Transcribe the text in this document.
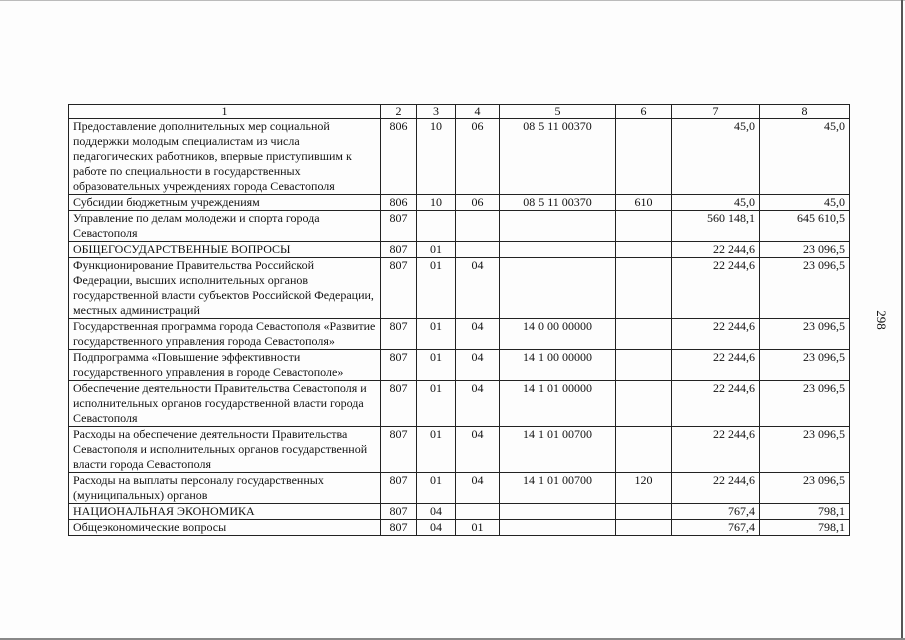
298
1	2	3	4	5	6	7	8
Предоставление дополнительных мер социальной поддержки молодым специалистам из числа педагогических работников, впервые приступившим к работе по специальности в государственных образовательных учреждениях города Севастополя	806	10	06	08 5 11 00370		45,0	45,0
Субсидии бюджетным учреждениям	806	10	06	08 5 11 00370	610	45,0	45,0
Управление по делам молодежи и спорта города Севастополя	807					560 148,1	645 610,5
ОБЩЕГОСУДАРСТВЕННЫЕ ВОПРОСЫ	807	01				22 244,6	23 096,5
Функционирование Правительства Российской Федерации, высших исполнительных органов государственной власти субъектов Российской Федерации, местных администраций	807	01	04			22 244,6	23 096,5
Государственная программа города Севастополя «Развитие государственного управления города Севастополя»	807	01	04	14 0 00 00000		22 244,6	23 096,5
Подпрограмма «Повышение эффективности государственного управления в городе Севастополе»	807	01	04	14 1 00 00000		22 244,6	23 096,5
Обеспечение деятельности Правительства Севастополя и исполнительных органов государственной власти города Севастополя	807	01	04	14 1 01 00000		22 244,6	23 096,5
Расходы на обеспечение деятельности Правительства Севастополя и исполнительных органов государственной власти города Севастополя	807	01	04	14 1 01 00700		22 244,6	23 096,5
Расходы на выплаты персоналу государственных (муниципальных) органов	807	01	04	14 1 01 00700	120	22 244,6	23 096,5
НАЦИОНАЛЬНАЯ ЭКОНОМИКА	807	04				767,4	798,1
Общеэкономические вопросы	807	04	01			767,4	798,1
